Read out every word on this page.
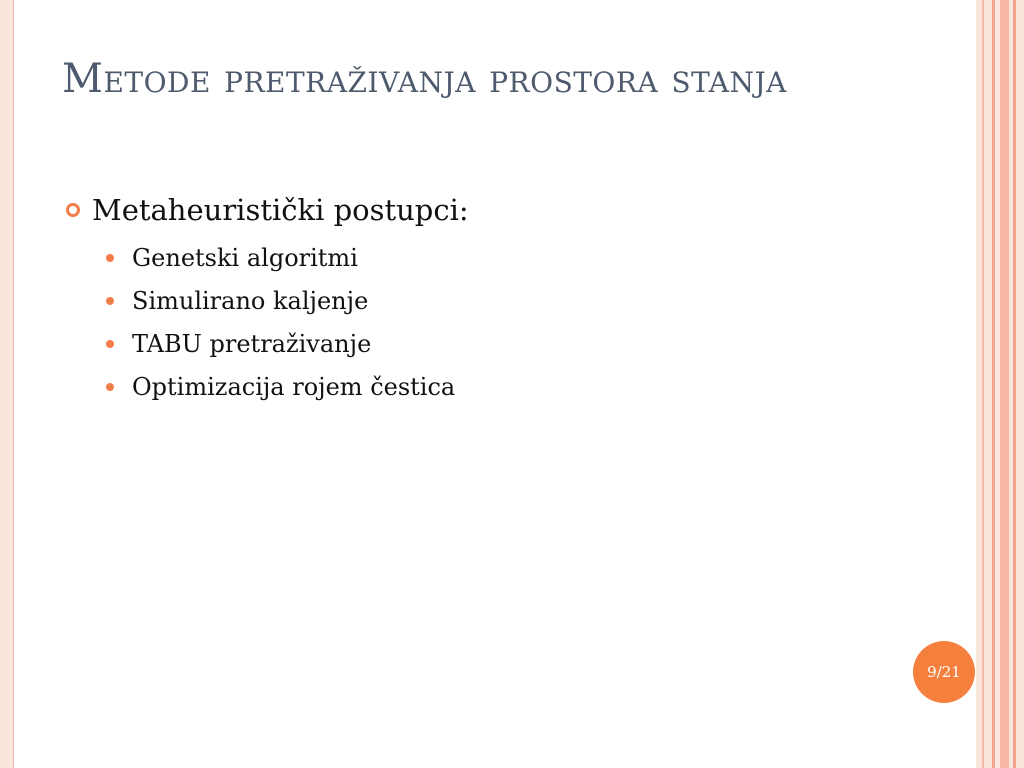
Metode pretraživanja prostora stanja
Metaheuristički postupci:
Genetski algoritmi
Simulirano kaljenje
TABU pretraživanje
Optimizacija rojem čestica
9/21
